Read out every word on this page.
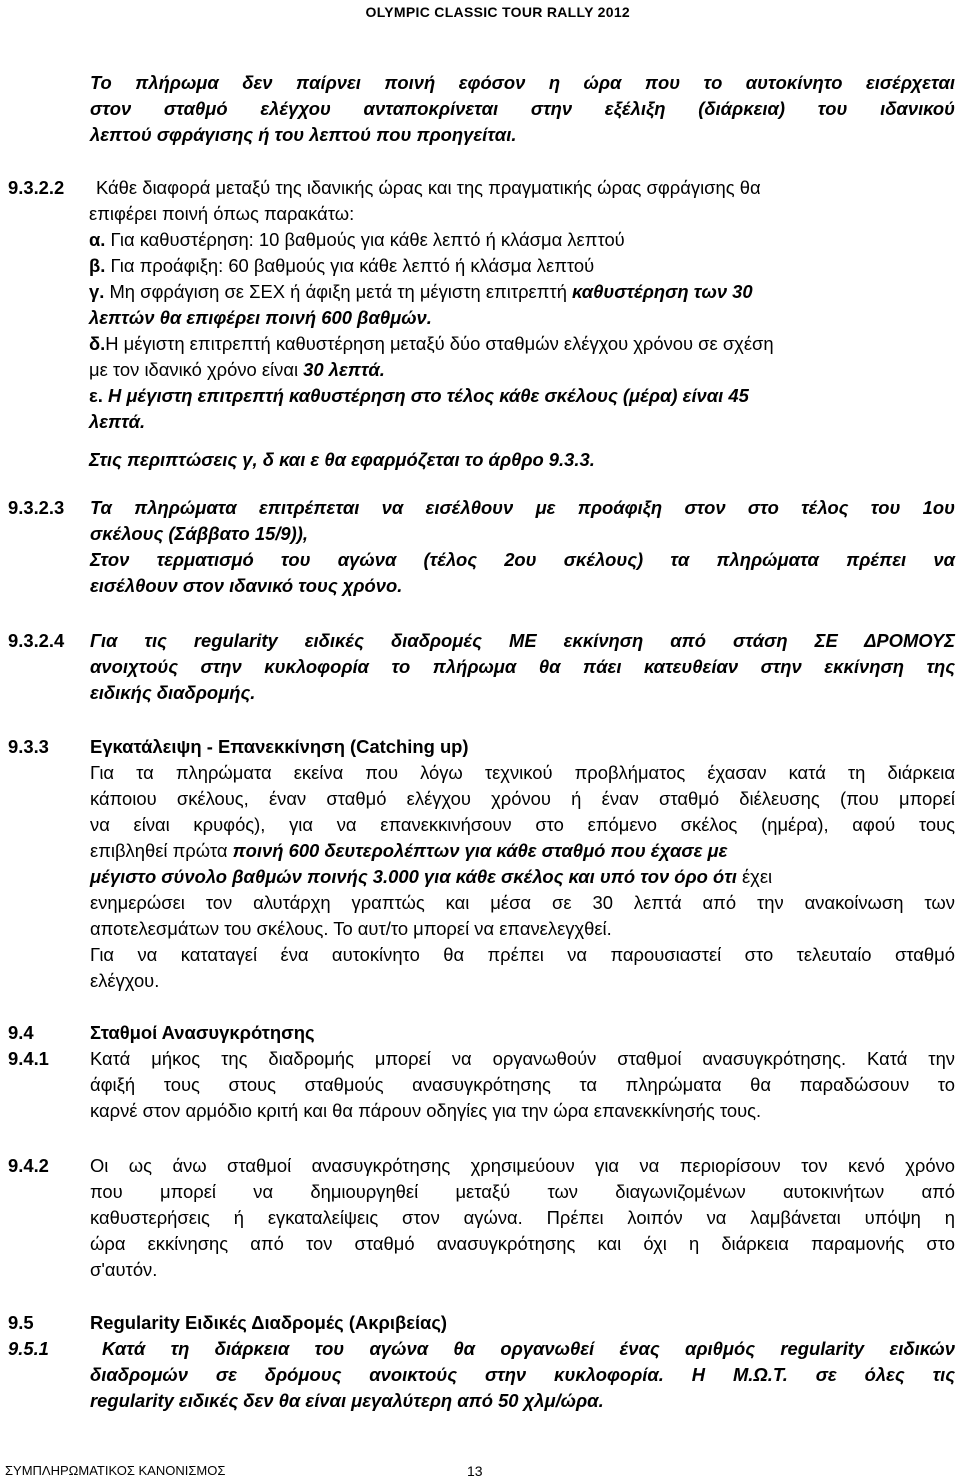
OLYMPIC CLASSIC TOUR RALLY 2012
Το πλήρωμα δεν παίρνει ποινή εφόσον η ώρα που το αυτοκίνητο εισέρχεται
στον σταθμό ελέγχου ανταποκρίνεται στην εξέλιξη (διάρκεια) του ιδανικού
λεπτού σφράγισης ή του λεπτού που προηγείται.
9.3.2.2	Κάθε διαφορά μεταξύ της ιδανικής ώρας και της πραγματικής ώρας σφράγισης θα
επιφέρει ποινή όπως παρακάτω:
α. Για καθυστέρηση: 10 βαθμούς για κάθε λεπτό ή κλάσμα λεπτού
β. Για προάφιξη: 60 βαθμούς για κάθε λεπτό ή κλάσμα λεπτού
γ. Μη σφράγιση σε ΣΕΧ ή άφιξη μετά τη μέγιστη επιτρεπτή καθυστέρηση των 30
λεπτών θα επιφέρει ποινή 600 βαθμών.
δ.Η μέγιστη επιτρεπτή καθυστέρηση μεταξύ δύο σταθμών ελέγχου χρόνου σε σχέση
με τον ιδανικό χρόνο είναι 30 λεπτά.
ε. Η μέγιστη επιτρεπτή καθυστέρηση στο τέλος κάθε σκέλους (μέρα) είναι 45
λεπτά.
Στις περιπτώσεις γ, δ και ε θα εφαρμόζεται το άρθρο 9.3.3.
9.3.2.3 Τα πληρώματα επιτρέπεται να εισέλθουν με προάφιξη στον στο τέλος του 1ου
σκέλους (Σάββατο 15/9)),
Στον τερματισμό του αγώνα (τέλος 2ου σκέλους) τα πληρώματα πρέπει να
εισέλθουν στον ιδανικό τους χρόνο.
9.3.2.4 Για τις regularity ειδικές διαδρομές ΜΕ εκκίνηση από στάση ΣΕ ΔΡΟΜΟΥΣ
ανοιχτούς στην κυκλοφορία το πλήρωμα θα πάει κατευθείαν στην εκκίνηση της
ειδικής διαδρομής.
9.3.3 Εγκατάλειψη - Επανεκκίνηση (Catching up)
Για τα πληρώματα εκείνα που λόγω τεχνικού προβλήματος έχασαν κατά τη διάρκεια
κάποιου σκέλους, έναν σταθμό ελέγχου χρόνου ή έναν σταθμό διέλευσης (που μπορεί
να είναι κρυφός), για να επανεκκινήσουν στο επόμενο σκέλος (ημέρα), αφού τους
επιβληθεί πρώτα ποινή 600 δευτερολέπτων για κάθε σταθμό που έχασε με
μέγιστο σύνολο βαθμών ποινής 3.000 για κάθε σκέλος και υπό τον όρο ότι έχει
ενημερώσει τον αλυτάρχη γραπτώς και μέσα σε 30 λεπτά από την ανακοίνωση των
αποτελεσμάτων του σκέλους. Το αυτ/το μπορεί να επανελεγχθεί.
Για να καταταγεί ένα αυτοκίνητο θα πρέπει να παρουσιαστεί στο τελευταίο σταθμό
ελέγχου.
9.4	Σταθμοί Ανασυγκρότησης
9.4.1 Κατά μήκος της διαδρομής μπορεί να οργανωθούν σταθμοί ανασυγκρότησης. Κατά την
άφιξή τους στους σταθμούς ανασυγκρότησης τα πληρώματα θα παραδώσουν το
καρνέ στον αρμόδιο κριτή και θα πάρουν οδηγίες για την ώρα επανεκκίνησής τους.
9.4.2 Οι ως άνω σταθμοί ανασυγκρότησης χρησιμεύουν για να περιορίσουν τον κενό χρόνο
που μπορεί να δημιουργηθεί μεταξύ των διαγωνιζομένων αυτοκινήτων από
καθυστερήσεις ή εγκαταλείψεις στον αγώνα. Πρέπει λοιπόν να λαμβάνεται υπόψη η
ώρα εκκίνησης από τον σταθμό ανασυγκρότησης και όχι η διάρκεια παραμονής στο
σ'αυτόν.
9.5	Regularity Ειδικές Διαδρομές (Ακριβείας)
9.5.1	Κατά τη διάρκεια του αγώνα θα οργανωθεί ένας αριθμός regularity ειδικών
διαδρομών σε δρόμους ανοικτούς στην κυκλοφορία. Η Μ.Ω.Τ. σε όλες τις
regularity ειδικές δεν θα είναι μεγαλύτερη από 50 χλμ/ώρα.
ΣΥΜΠΛΗΡΩΜΑΤΙΚΟΣ ΚΑΝΟΝΙΣΜΟΣ	13
